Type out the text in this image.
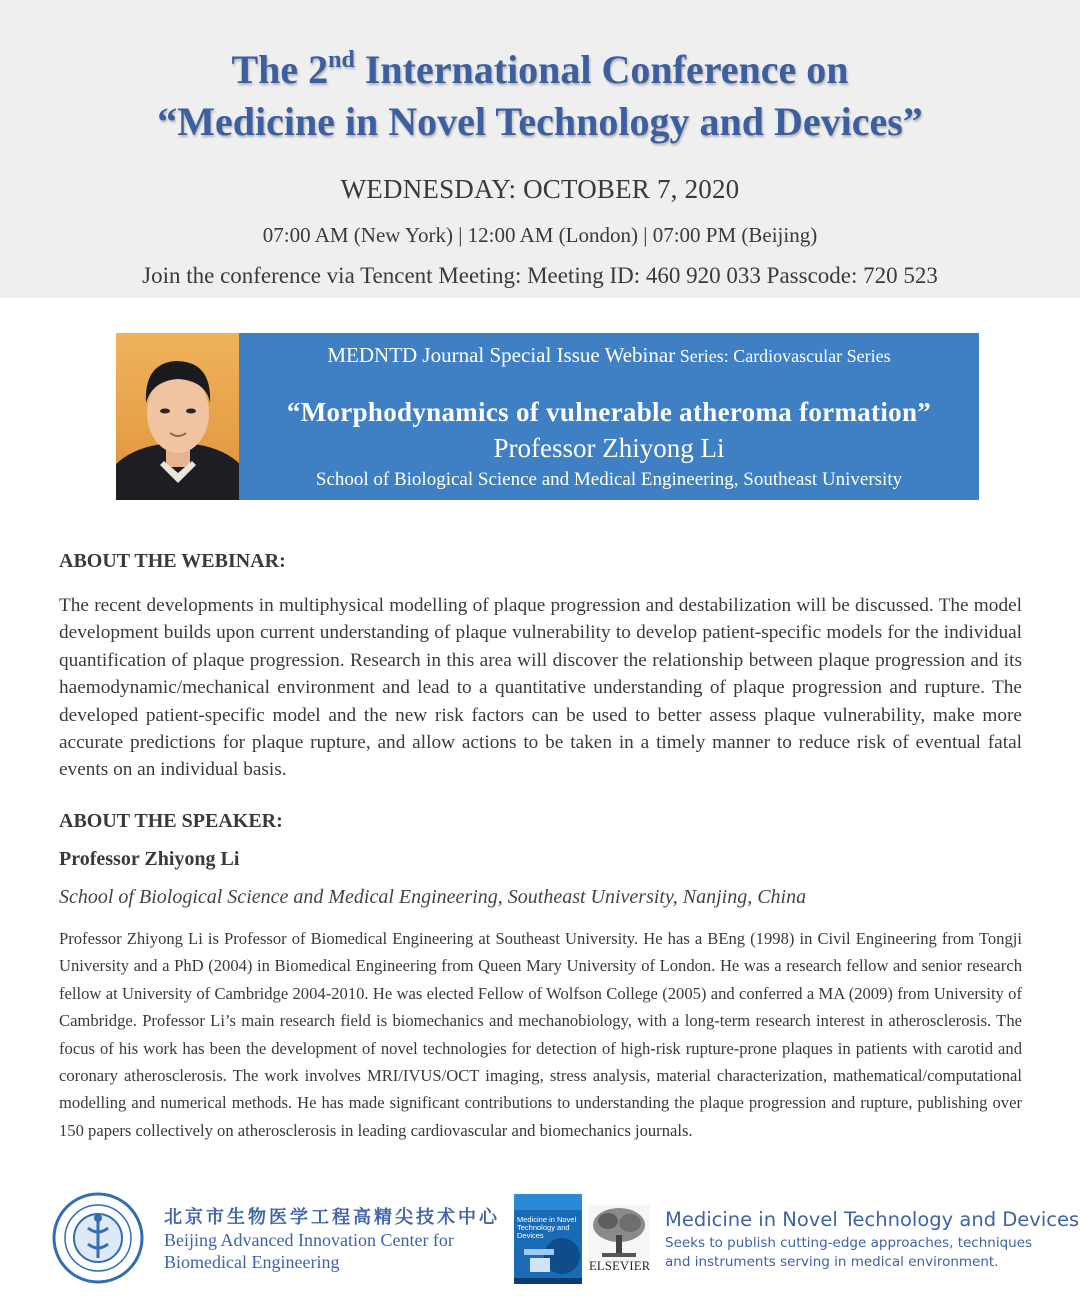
The 2nd International Conference on
“Medicine in Novel Technology and Devices”
WEDNESDAY: OCTOBER 7, 2020
07:00 AM (New York) | 12:00 AM (London) | 07:00 PM (Beijing)
Join the conference via Tencent Meeting: Meeting ID: 460 920 033 Passcode: 720 523
MEDNTD Journal Special Issue Webinar Series: Cardiovascular Series
“Morphodynamics of vulnerable atheroma formation”
Professor Zhiyong Li
School of Biological Science and Medical Engineering, Southeast University
ABOUT THE WEBINAR:
The recent developments in multiphysical modelling of plaque progression and destabilization will be discussed. The model development builds upon current understanding of plaque vulnerability to develop patient-specific models for the individual quantification of plaque progression. Research in this area will discover the relationship between plaque progression and its haemodynamic/mechanical environment and lead to a quantitative understanding of plaque progression and rupture. The developed patient-specific model and the new risk factors can be used to better assess plaque vulnerability, make more accurate predictions for plaque rupture, and allow actions to be taken in a timely manner to reduce risk of eventual fatal events on an individual basis.
ABOUT THE SPEAKER:
Professor Zhiyong Li
School of Biological Science and Medical Engineering, Southeast University, Nanjing, China
Professor Zhiyong Li is Professor of Biomedical Engineering at Southeast University. He has a BEng (1998) in Civil Engineering from Tongji University and a PhD (2004) in Biomedical Engineering from Queen Mary University of London. He was a research fellow and senior research fellow at University of Cambridge 2004-2010. He was elected Fellow of Wolfson College (2005) and conferred a MA (2009) from University of Cambridge. Professor Li’s main research field is biomechanics and mechanobiology, with a long-term research interest in atherosclerosis. The focus of his work has been the development of novel technologies for detection of high-risk rupture-prone plaques in patients with carotid and coronary atherosclerosis. The work involves MRI/IVUS/OCT imaging, stress analysis, material characterization, mathematical/computational modelling and numerical methods. He has made significant contributions to understanding the plaque progression and rupture, publishing over 150 papers collectively on atherosclerosis in leading cardiovascular and biomechanics journals.
北京市生物医学工程高精尖技术中心
Beijing Advanced Innovation Center for
Biomedical Engineering
Medicine in Novel Technology and Devices
ELSEVIER
Medicine in Novel Technology and Devices
Seeks to publish cutting-edge approaches, techniques and instruments serving in medical environment.
